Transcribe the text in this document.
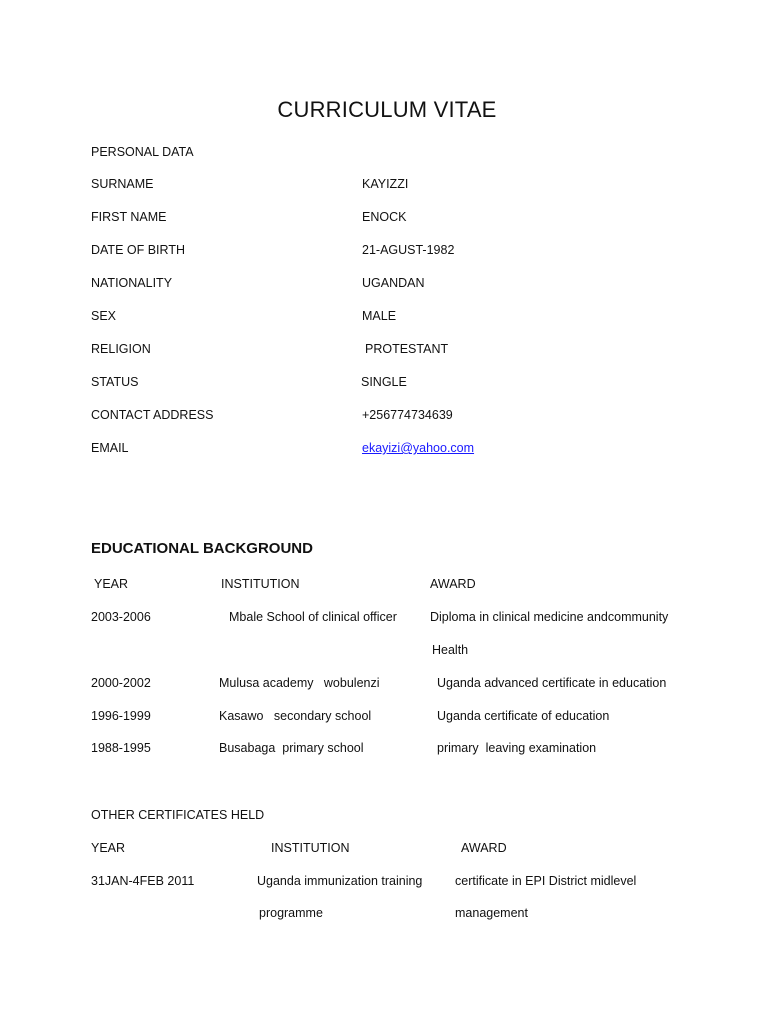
CURRICULUM VITAE
PERSONAL DATA
SURNAME	KAYIZZI
FIRST NAME	ENOCK
DATE OF BIRTH	21-AGUST-1982
NATIONALITY	UGANDAN
SEX	MALE
RELIGION	PROTESTANT
STATUS	SINGLE
CONTACT ADDRESS	+256774734639
EMAIL	ekayizi@yahoo.com
EDUCATIONAL BACKGROUND
YEAR	INSTITUTION	AWARD
2003-2006	Mbale School of clinical officer	Diploma in clinical medicine andcommunity
Health
2000-2002	Mulusa academy   wobulenzi	Uganda advanced certificate in education
1996-1999	Kasawo   secondary school	Uganda certificate of education
1988-1995	Busabaga  primary school	primary  leaving examination
OTHER CERTIFICATES HELD
YEAR	INSTITUTION	AWARD
31JAN-4FEB 2011	Uganda immunization training	certificate in EPI District midlevel
programme	management
